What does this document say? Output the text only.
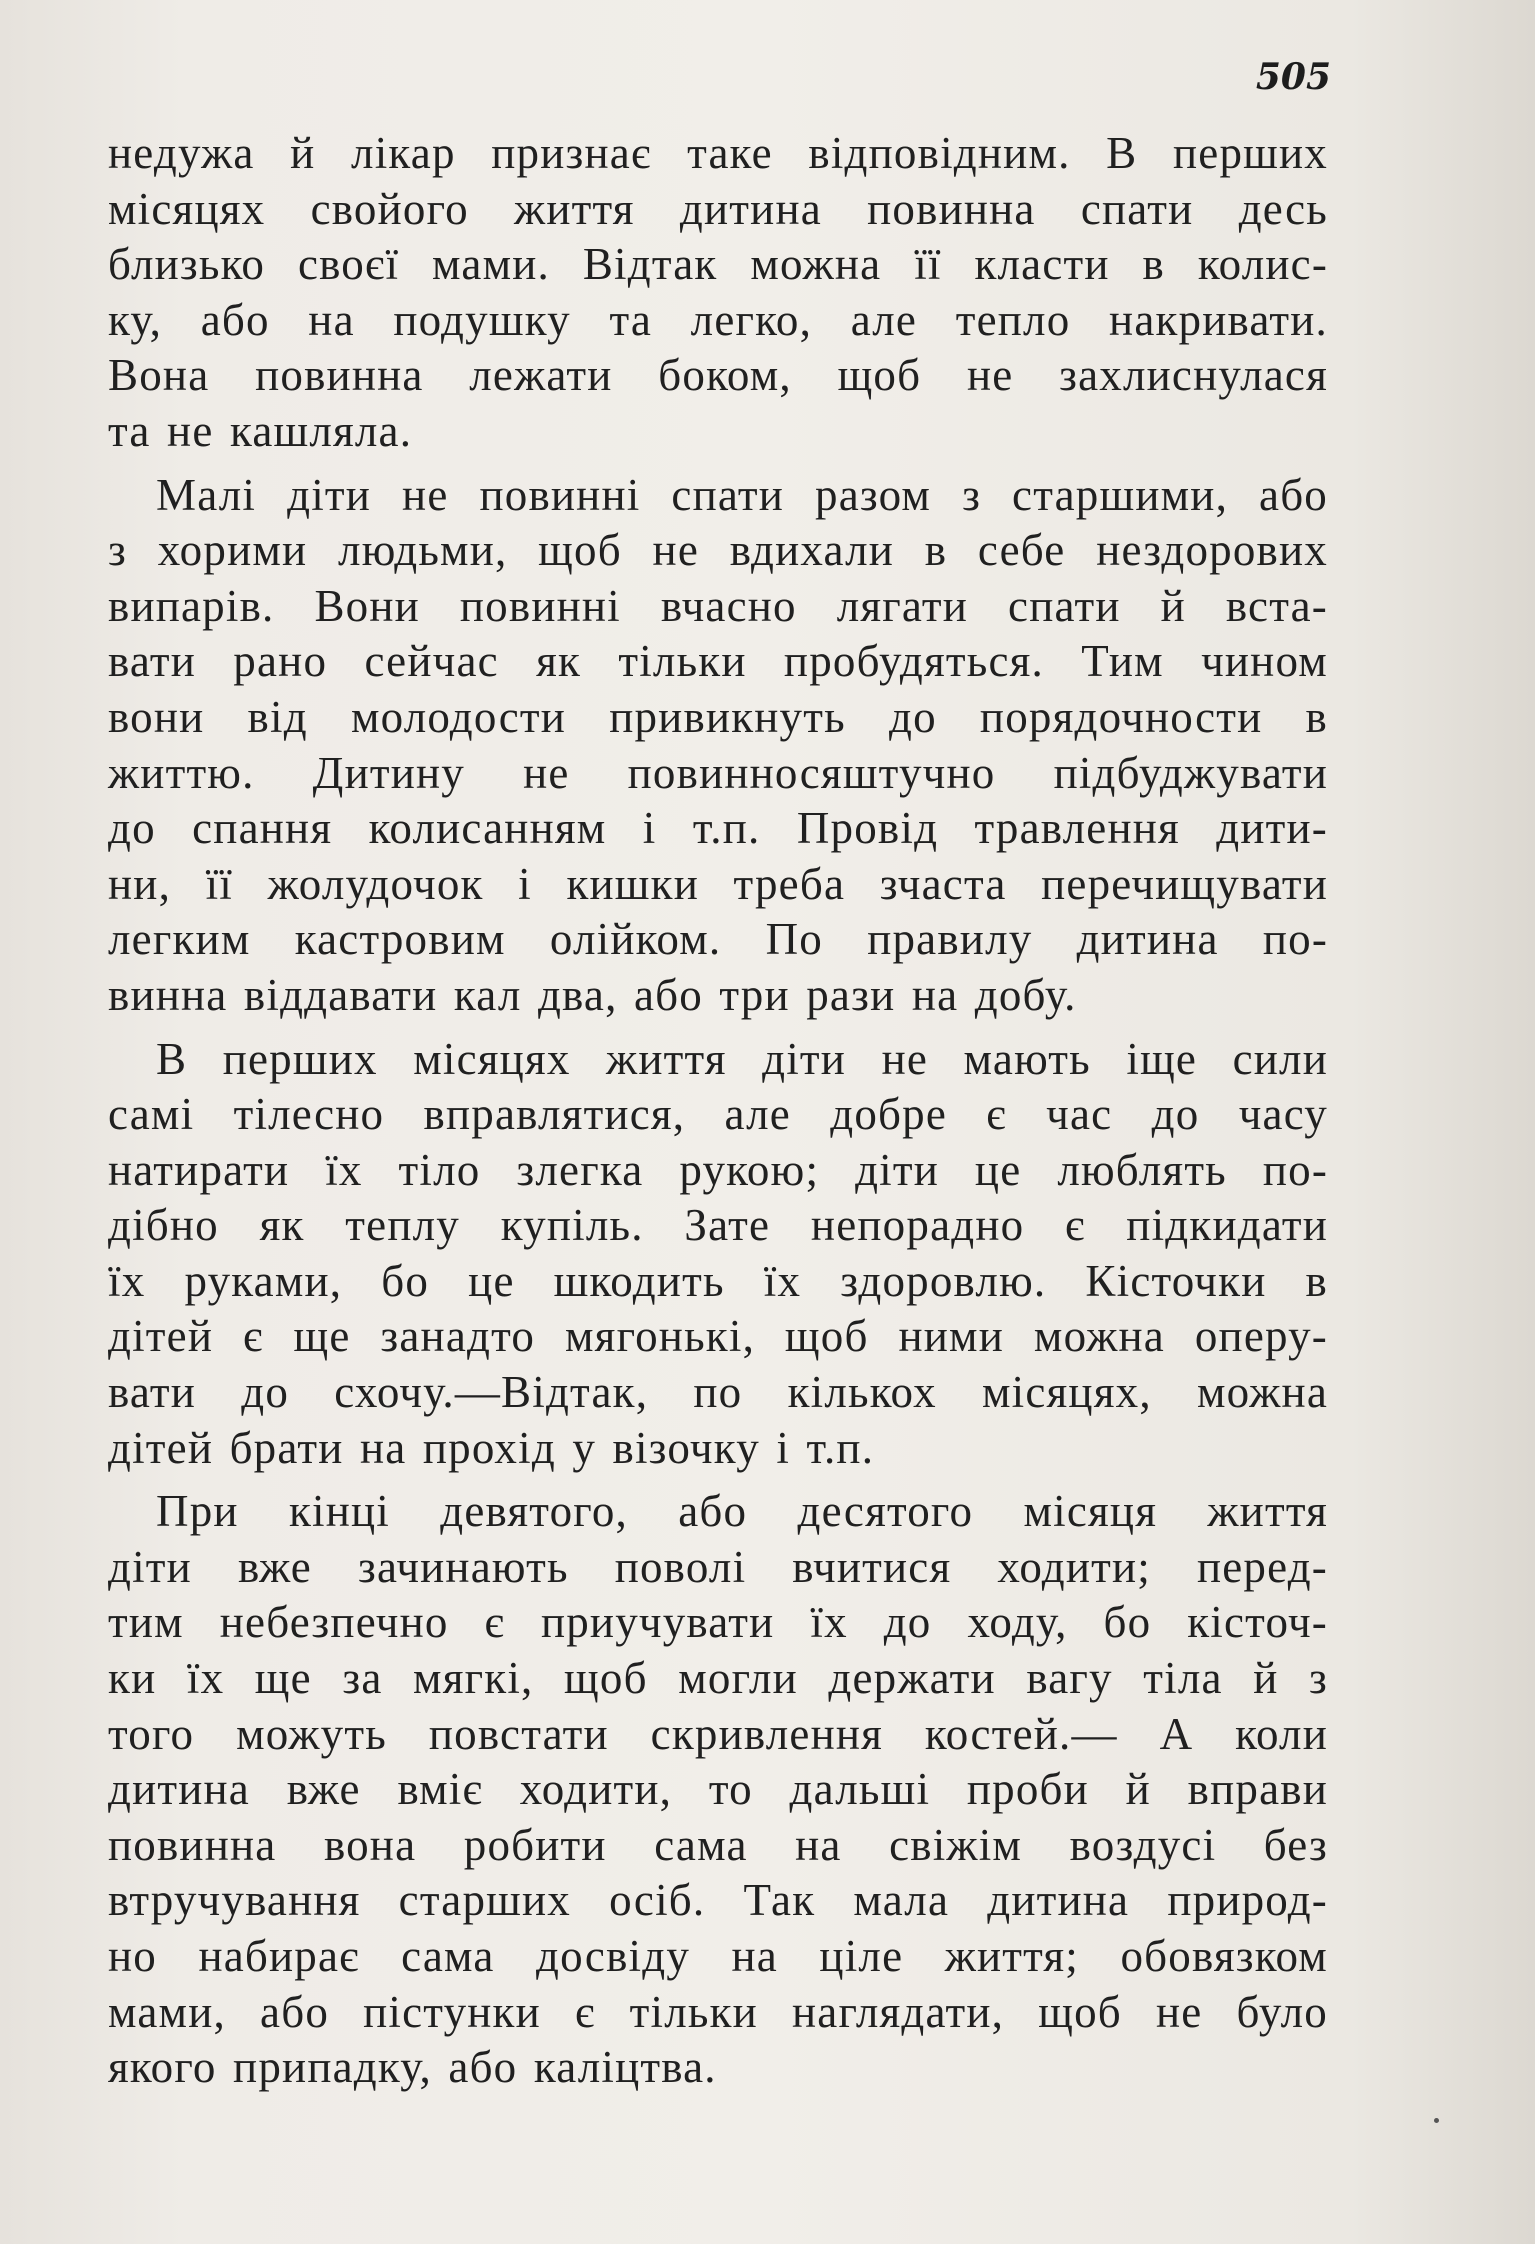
505
недужа й лікар признає таке відповідним. В перших
місяцях свойого життя дитина повинна спати десь
близько своєї мами. Відтак можна її класти в колис-
ку, або на подушку та легко, але тепло накривати.
Вона повинна лежати боком, щоб не захлиснулася
та не кашляла.
Малі діти не повинні спати разом з старшими, або
з хорими людьми, щоб не вдихали в себе нездорових
випарів. Вони повинні вчасно лягати спати й вста-
вати рано сейчас як тільки пробудяться. Тим чином
вони від молодости привикнуть до порядочности в
життю. Дитину не повинносяштучно підбуджувати
до спання колисанням і т.п. Провід травлення дити-
ни, її жолудочок і кишки треба зчаста перечищувати
легким кастровим олійком. По правилу дитина по-
винна віддавати кал два, або три рази на добу.
В перших місяцях життя діти не мають іще сили
самі тілесно вправлятися, але добре є час до часу
натирати їх тіло злегка рукою; діти це люблять по-
дібно як теплу купіль. Зате непорадно є підкидати
їх руками, бо це шкодить їх здоровлю. Кісточки в
дітей є ще занадто мягонькі, щоб ними можна оперу-
вати до схочу.—Відтак, по кількох місяцях, можна
дітей брати на прохід у візочку і т.п.
При кінці девятого, або десятого місяця життя
діти вже зачинають поволі вчитися ходити; перед-
тим небезпечно є приучувати їх до ходу, бо кісточ-
ки їх ще за мягкі, щоб могли держати вагу тіла й з
того можуть повстати скривлення костей.— А коли
дитина вже вміє ходити, то дальші проби й вправи
повинна вона робити сама на свіжім воздусі без
втручування старших осіб. Так мала дитина природ-
но набирає сама досвіду на ціле життя; обовязком
мами, або пістунки є тільки наглядати, щоб не було
якого припадку, або каліцтва.
